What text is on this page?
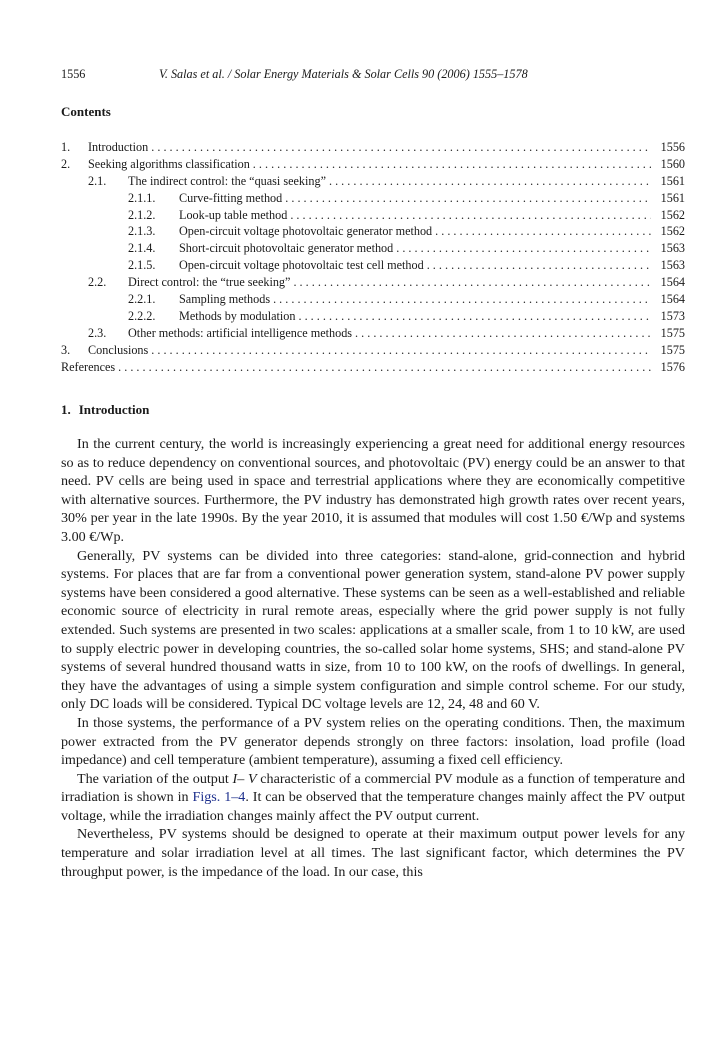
1556	V. Salas et al. / Solar Energy Materials & Solar Cells 90 (2006) 1555–1578
Contents
1.	Introduction . . .	1556
2.	Seeking algorithms classification . . .	1560
2.1.	The indirect control: the “quasi seeking” . . .	1561
2.1.1.	Curve-fitting method . . .	1561
2.1.2.	Look-up table method . . .	1562
2.1.3.	Open-circuit voltage photovoltaic generator method . . .	1562
2.1.4.	Short-circuit photovoltaic generator method . . .	1563
2.1.5.	Open-circuit voltage photovoltaic test cell method . . .	1563
2.2.	Direct control: the “true seeking” . . .	1564
2.2.1.	Sampling methods . . .	1564
2.2.2.	Methods by modulation . . .	1573
2.3.	Other methods: artificial intelligence methods . . .	1575
3.	Conclusions . . .	1575
References . . .	1576
1. Introduction

In the current century, the world is increasingly experiencing a great need for additional energy resources so as to reduce dependency on conventional sources, and photovoltaic (PV) energy could be an answer to that need. PV cells are being used in space and terrestrial applications where they are economically competitive with alternative sources. Furthermore, the PV industry has demonstrated high growth rates over recent years, 30% per year in the late 1990s. By the year 2010, it is assumed that modules will cost 1.50 €/Wp and systems 3.00 €/Wp.

Generally, PV systems can be divided into three categories: stand-alone, grid-connection and hybrid systems. For places that are far from a conventional power generation system, stand-alone PV power supply systems have been considered a good alternative. These systems can be seen as a well-established and reliable economic source of electricity in rural remote areas, especially where the grid power supply is not fully extended. Such systems are presented in two scales: applications at a smaller scale, from 1 to 10 kW, are used to supply electric power in developing countries, the so-called solar home systems, SHS; and stand-alone PV systems of several hundred thousand watts in size, from 10 to 100 kW, on the roofs of dwellings. In general, they have the advantages of using a simple system configuration and simple control scheme. For our study, only DC loads will be considered. Typical DC voltage levels are 12, 24, 48 and 60 V.

In those systems, the performance of a PV system relies on the operating conditions. Then, the maximum power extracted from the PV generator depends strongly on three factors: insolation, load profile (load impedance) and cell temperature (ambient temperature), assuming a fixed cell efficiency.

The variation of the output I– V characteristic of a commercial PV module as a function of temperature and irradiation is shown in Figs. 1–4. It can be observed that the temperature changes mainly affect the PV output voltage, while the irradiation changes mainly affect the PV output current.

Nevertheless, PV systems should be designed to operate at their maximum output power levels for any temperature and solar irradiation level at all times. The last significant factor, which determines the PV throughput power, is the impedance of the load. In our case, this
